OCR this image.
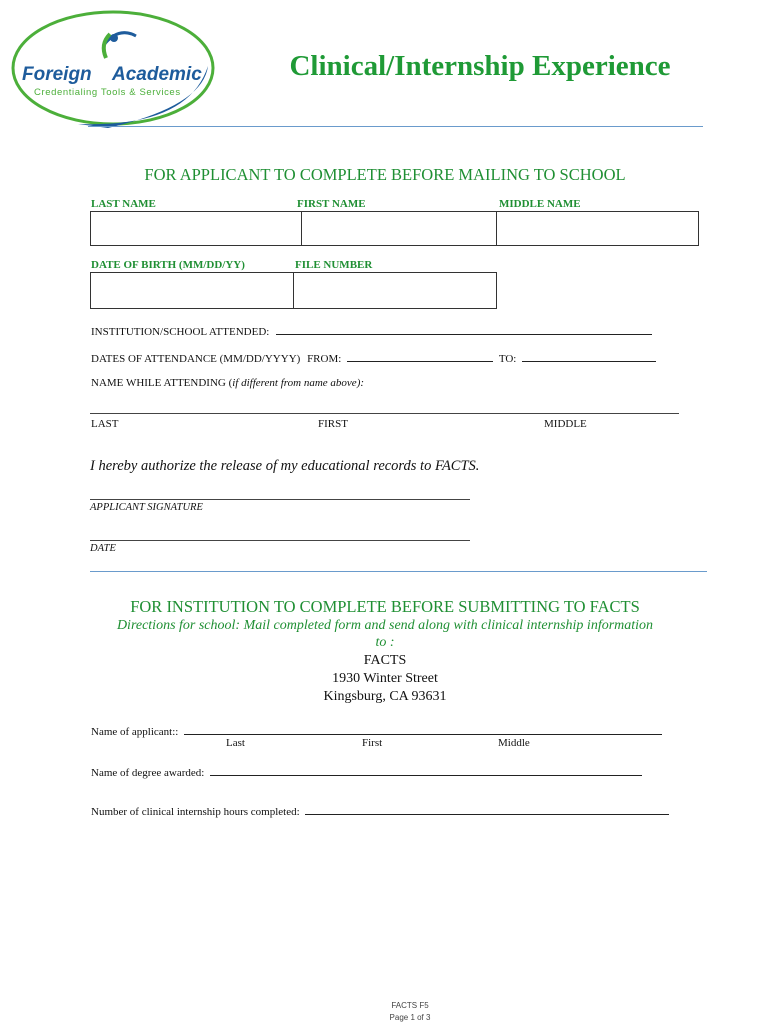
Foreign Academic
Credentialing Tools & Services
Clinical/Internship Experience
FOR APPLICANT TO COMPLETE BEFORE MAILING TO SCHOOL
LAST NAME	FIRST NAME	MIDDLE NAME
DATE OF BIRTH (MM/DD/YY)	FILE NUMBER
INSTITUTION/SCHOOL ATTENDED:
DATES OF ATTENDANCE (MM/DD/YYYY) FROM:	TO:
NAME WHILE ATTENDING (if different from name above):
LAST	FIRST	MIDDLE
I hereby authorize the release of my educational records to FACTS.
APPLICANT SIGNATURE
DATE
FOR INSTITUTION TO COMPLETE BEFORE SUBMITTING TO FACTS
Directions for school: Mail completed form and send along with clinical internship information
to :
FACTS
1930 Winter Street
Kingsburg, CA 93631
Name of applicant::
Last	First	Middle
Name of degree awarded:
Number of clinical internship hours completed:
FACTS F5
Page 1 of 3
